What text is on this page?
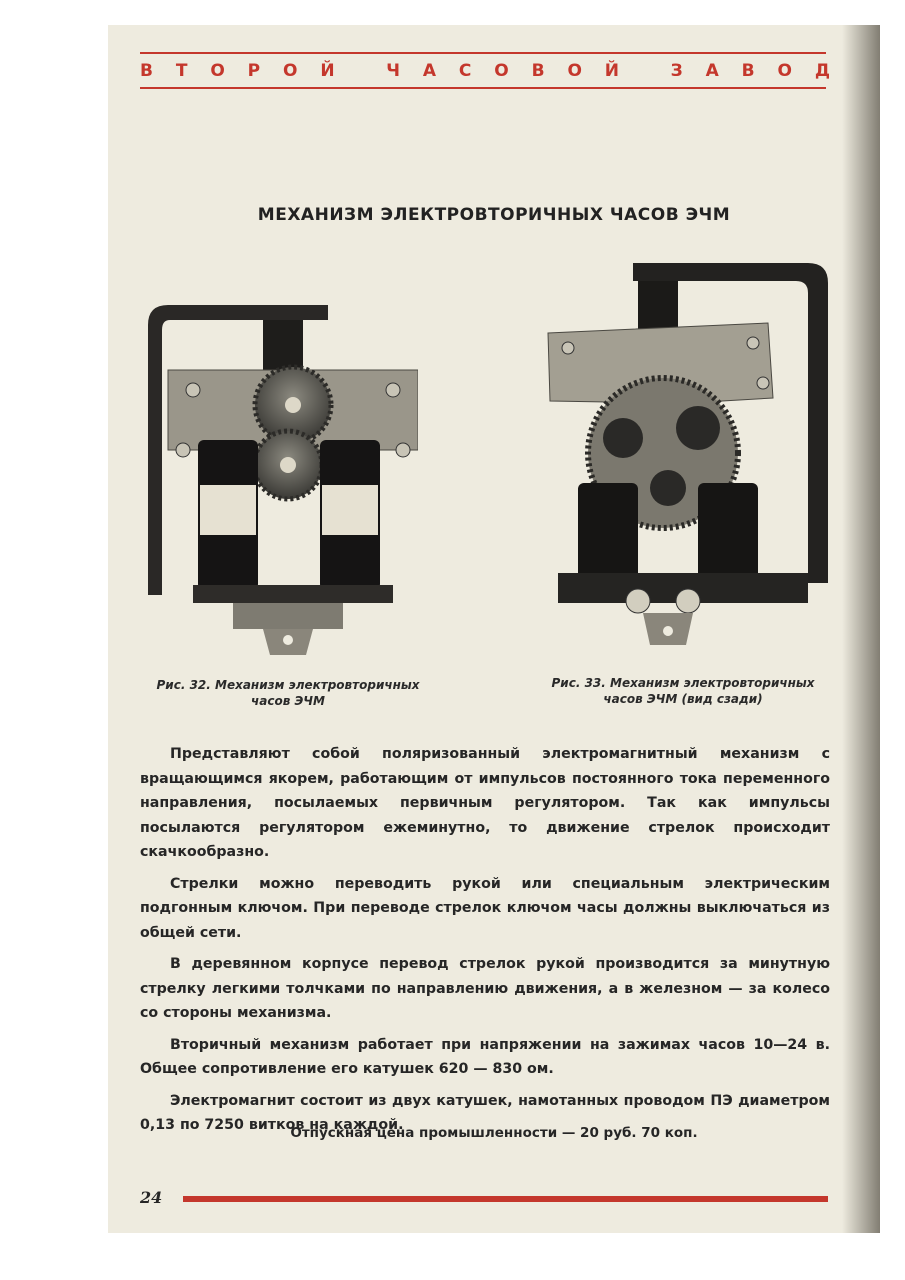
В Т О Р О Й
	Ч А С О В О Й
	З А В О Д
МЕХАНИЗМ ЭЛЕКТРОВТОРИЧНЫХ ЧАСОВ ЭЧМ
Рис. 32. Механизм электровторичных
часов ЭЧМ
Рис. 33. Механизм электровторичных
часов ЭЧМ (вид сзади)

Представляют собой поляризованный электромагнитный механизм с вращающимся якорем, работающим от импульсов постоянного тока переменного направления, посылаемых первичным регулятором. Так как импульсы посылаются регулятором ежеминутно, то движение стрелок происходит скачкообразно.

Стрелки можно переводить рукой или специальным электрическим подгонным ключом. При переводе стрелок ключом часы должны выключаться из общей сети.

В деревянном корпусе перевод стрелок рукой производится за минутную стрелку легкими толчками по направлению движения, а в железном — за колесо со стороны механизма.

Вторичный механизм работает при напряжении на зажимах часов 10—24 в. Общее сопротивление его катушек 620 — 830 ом.

Электромагнит состоит из двух катушек, намотанных проводом ПЭ диаметром 0,13 по 7250 витков на каждой.

Отпускная цена промышленности — 20 руб. 70 коп.
24
